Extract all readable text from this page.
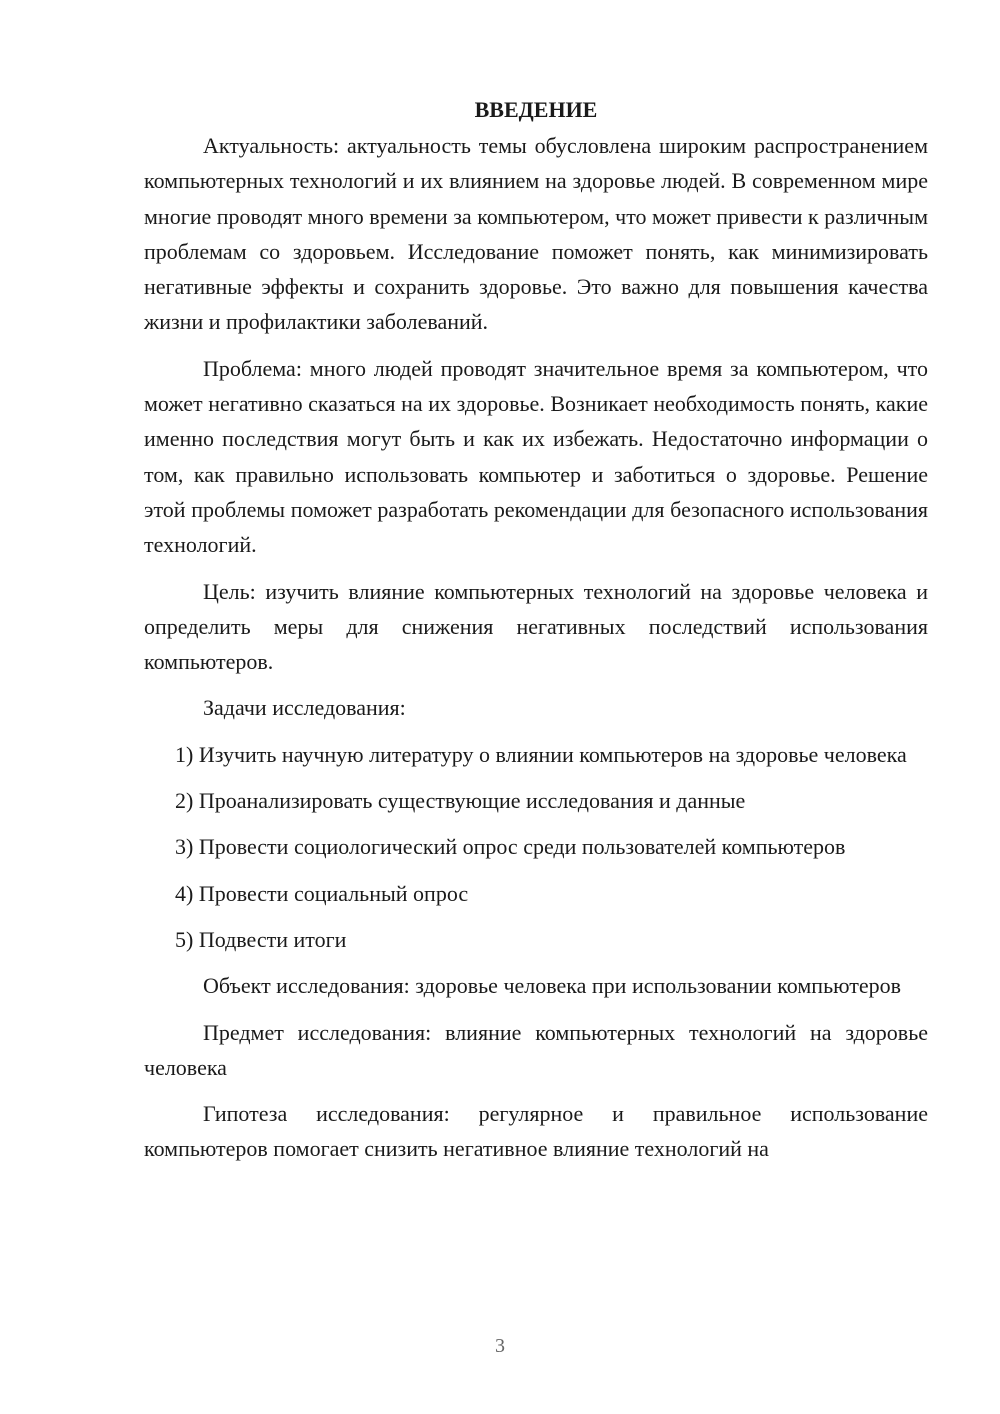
ВВЕДЕНИЕ

Актуальность: актуальность темы обусловлена широким распространением компьютерных технологий и их влиянием на здоровье людей. В современном мире многие проводят много времени за компьютером, что может привести к различным проблемам со здоровьем. Исследование поможет понять, как минимизировать негативные эффекты и сохранить здоровье. Это важно для повышения качества жизни и профилактики заболеваний.

Проблема: много людей проводят значительное время за компьютером, что может негативно сказаться на их здоровье. Возникает необходимость понять, какие именно последствия могут быть и как их избежать. Недостаточно информации о том, как правильно использовать компьютер и заботиться о здоровье. Решение этой проблемы поможет разработать рекомендации для безопасного использования технологий.

Цель: изучить влияние компьютерных технологий на здоровье человека и определить меры для снижения негативных последствий использования компьютеров.

Задачи исследования:

1) Изучить научную литературу о влиянии компьютеров на здоровье человека

2) Проанализировать существующие исследования и данные

3) Провести социологический опрос среди пользователей компьютеров

4) Провести социальный опрос

5) Подвести итоги

Объект исследования: здоровье человека при использовании компьютеров

Предмет исследования: влияние компьютерных технологий на здоровье человека

Гипотеза исследования: регулярное и правильное использование компьютеров помогает снизить негативное влияние технологий на

3
